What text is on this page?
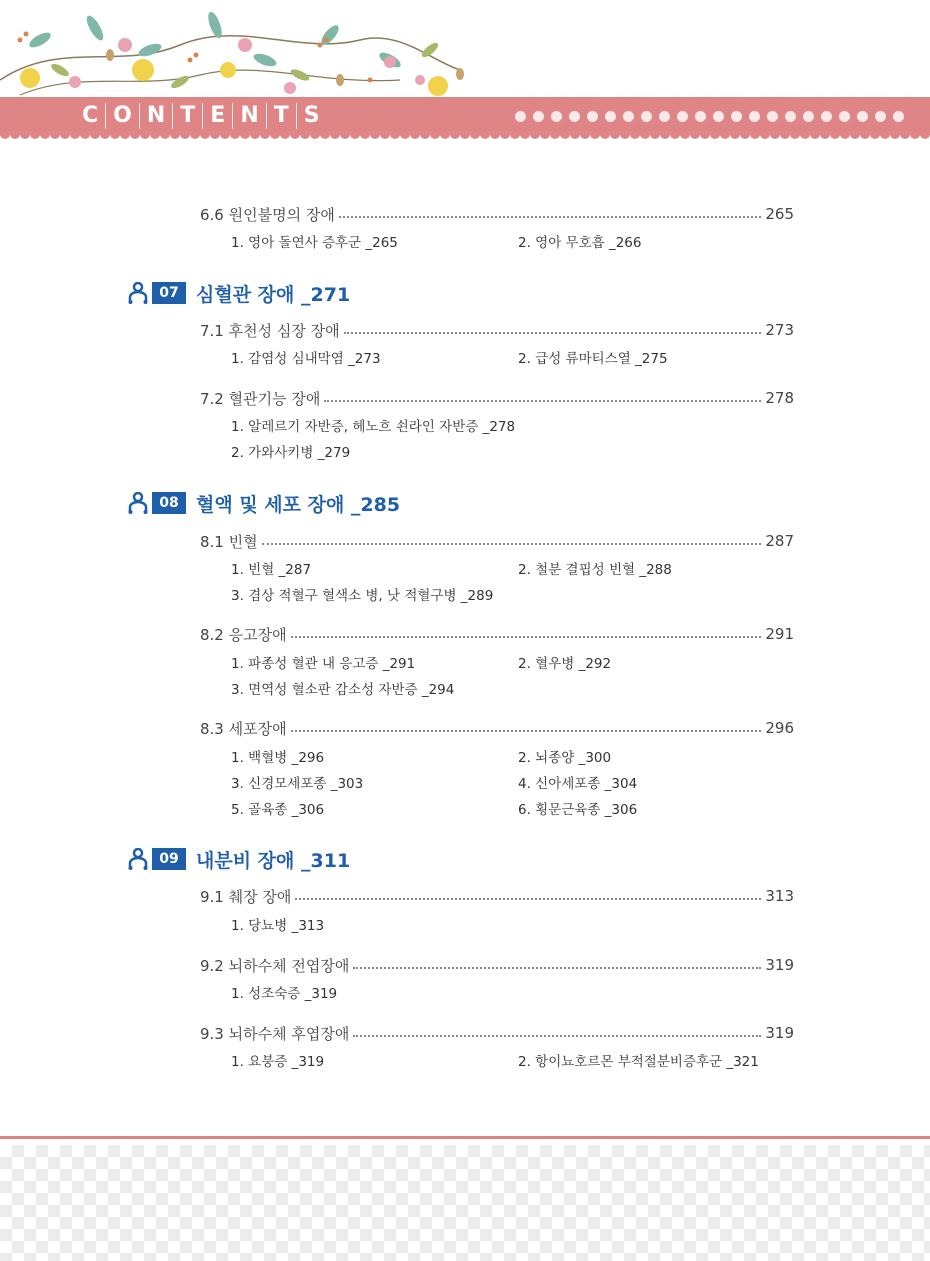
C O N T E N T S
6.6 원인불명의 장애	265
1. 영아 돌연사 증후군 _265	2. 영아 무호흡 _266
07 심혈관 장애 _271
7.1 후천성 심장 장애	273
1. 감염성 심내막염 _273	2. 급성 류마티스열 _275
7.2 혈관기능 장애	278
1. 알레르기 자반증, 헤노흐 쇤라인 자반증 _278
2. 가와사키병 _279
08 혈액 및 세포 장애 _285
8.1 빈혈	287
1. 빈혈 _287	2. 철분 결핍성 빈혈 _288
3. 겸상 적혈구 혈색소 병, 낫 적혈구병 _289
8.2 응고장애	291
1. 파종성 혈관 내 응고증 _291	2. 혈우병 _292
3. 면역성 혈소판 감소성 자반증 _294
8.3 세포장애	296
1. 백혈병 _296	2. 뇌종양 _300
3. 신경모세포종 _303	4. 신아세포종 _304
5. 골육종 _306	6. 횡문근육종 _306
09 내분비 장애 _311
9.1 췌장 장애	313
1. 당뇨병 _313
9.2 뇌하수체 전엽장애	319
1. 성조숙증 _319
9.3 뇌하수체 후엽장애	319
1. 요붕증 _319	2. 항이뇨호르몬 부적절분비증후군 _321
